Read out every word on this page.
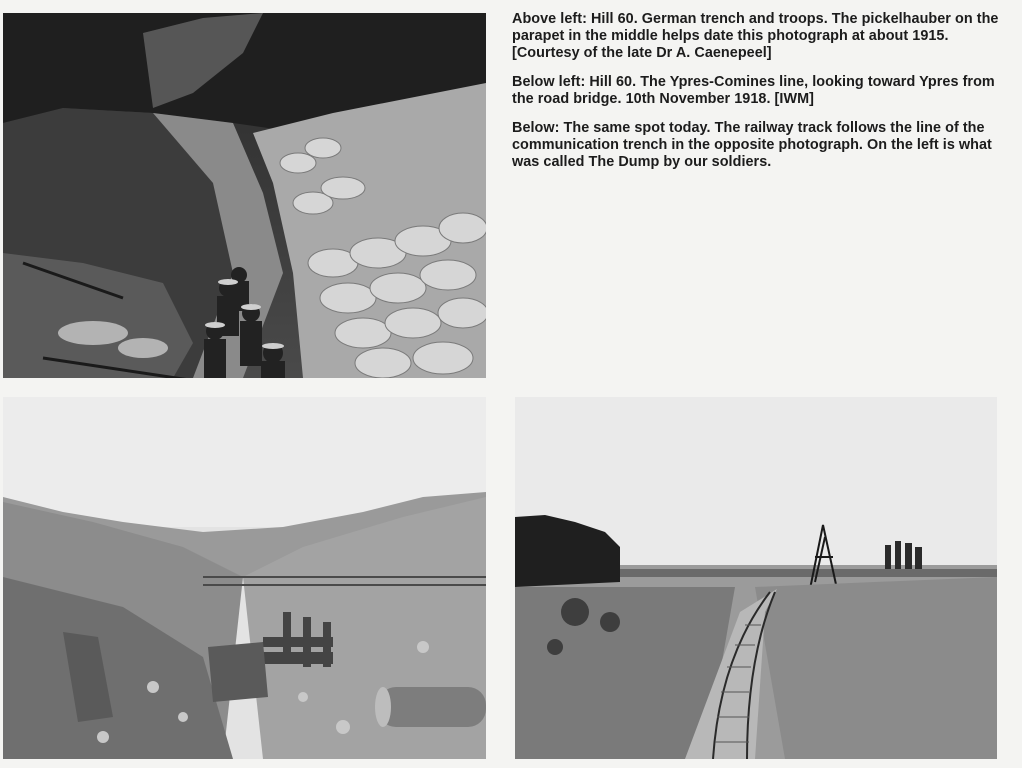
Above left: Hill 60. German trench and troops. The pickelhauber on the parapet in the middle helps date this photograph at about 1915. [Courtesy of the late Dr A. Caenepeel]

Below left: Hill 60. The Ypres-Comines line, looking toward Ypres from the road bridge. 10th November 1918. [IWM]

Below: The same spot today. The railway track follows the line of the communication trench in the opposite photograph. On the left is what was called The Dump by our soldiers.
